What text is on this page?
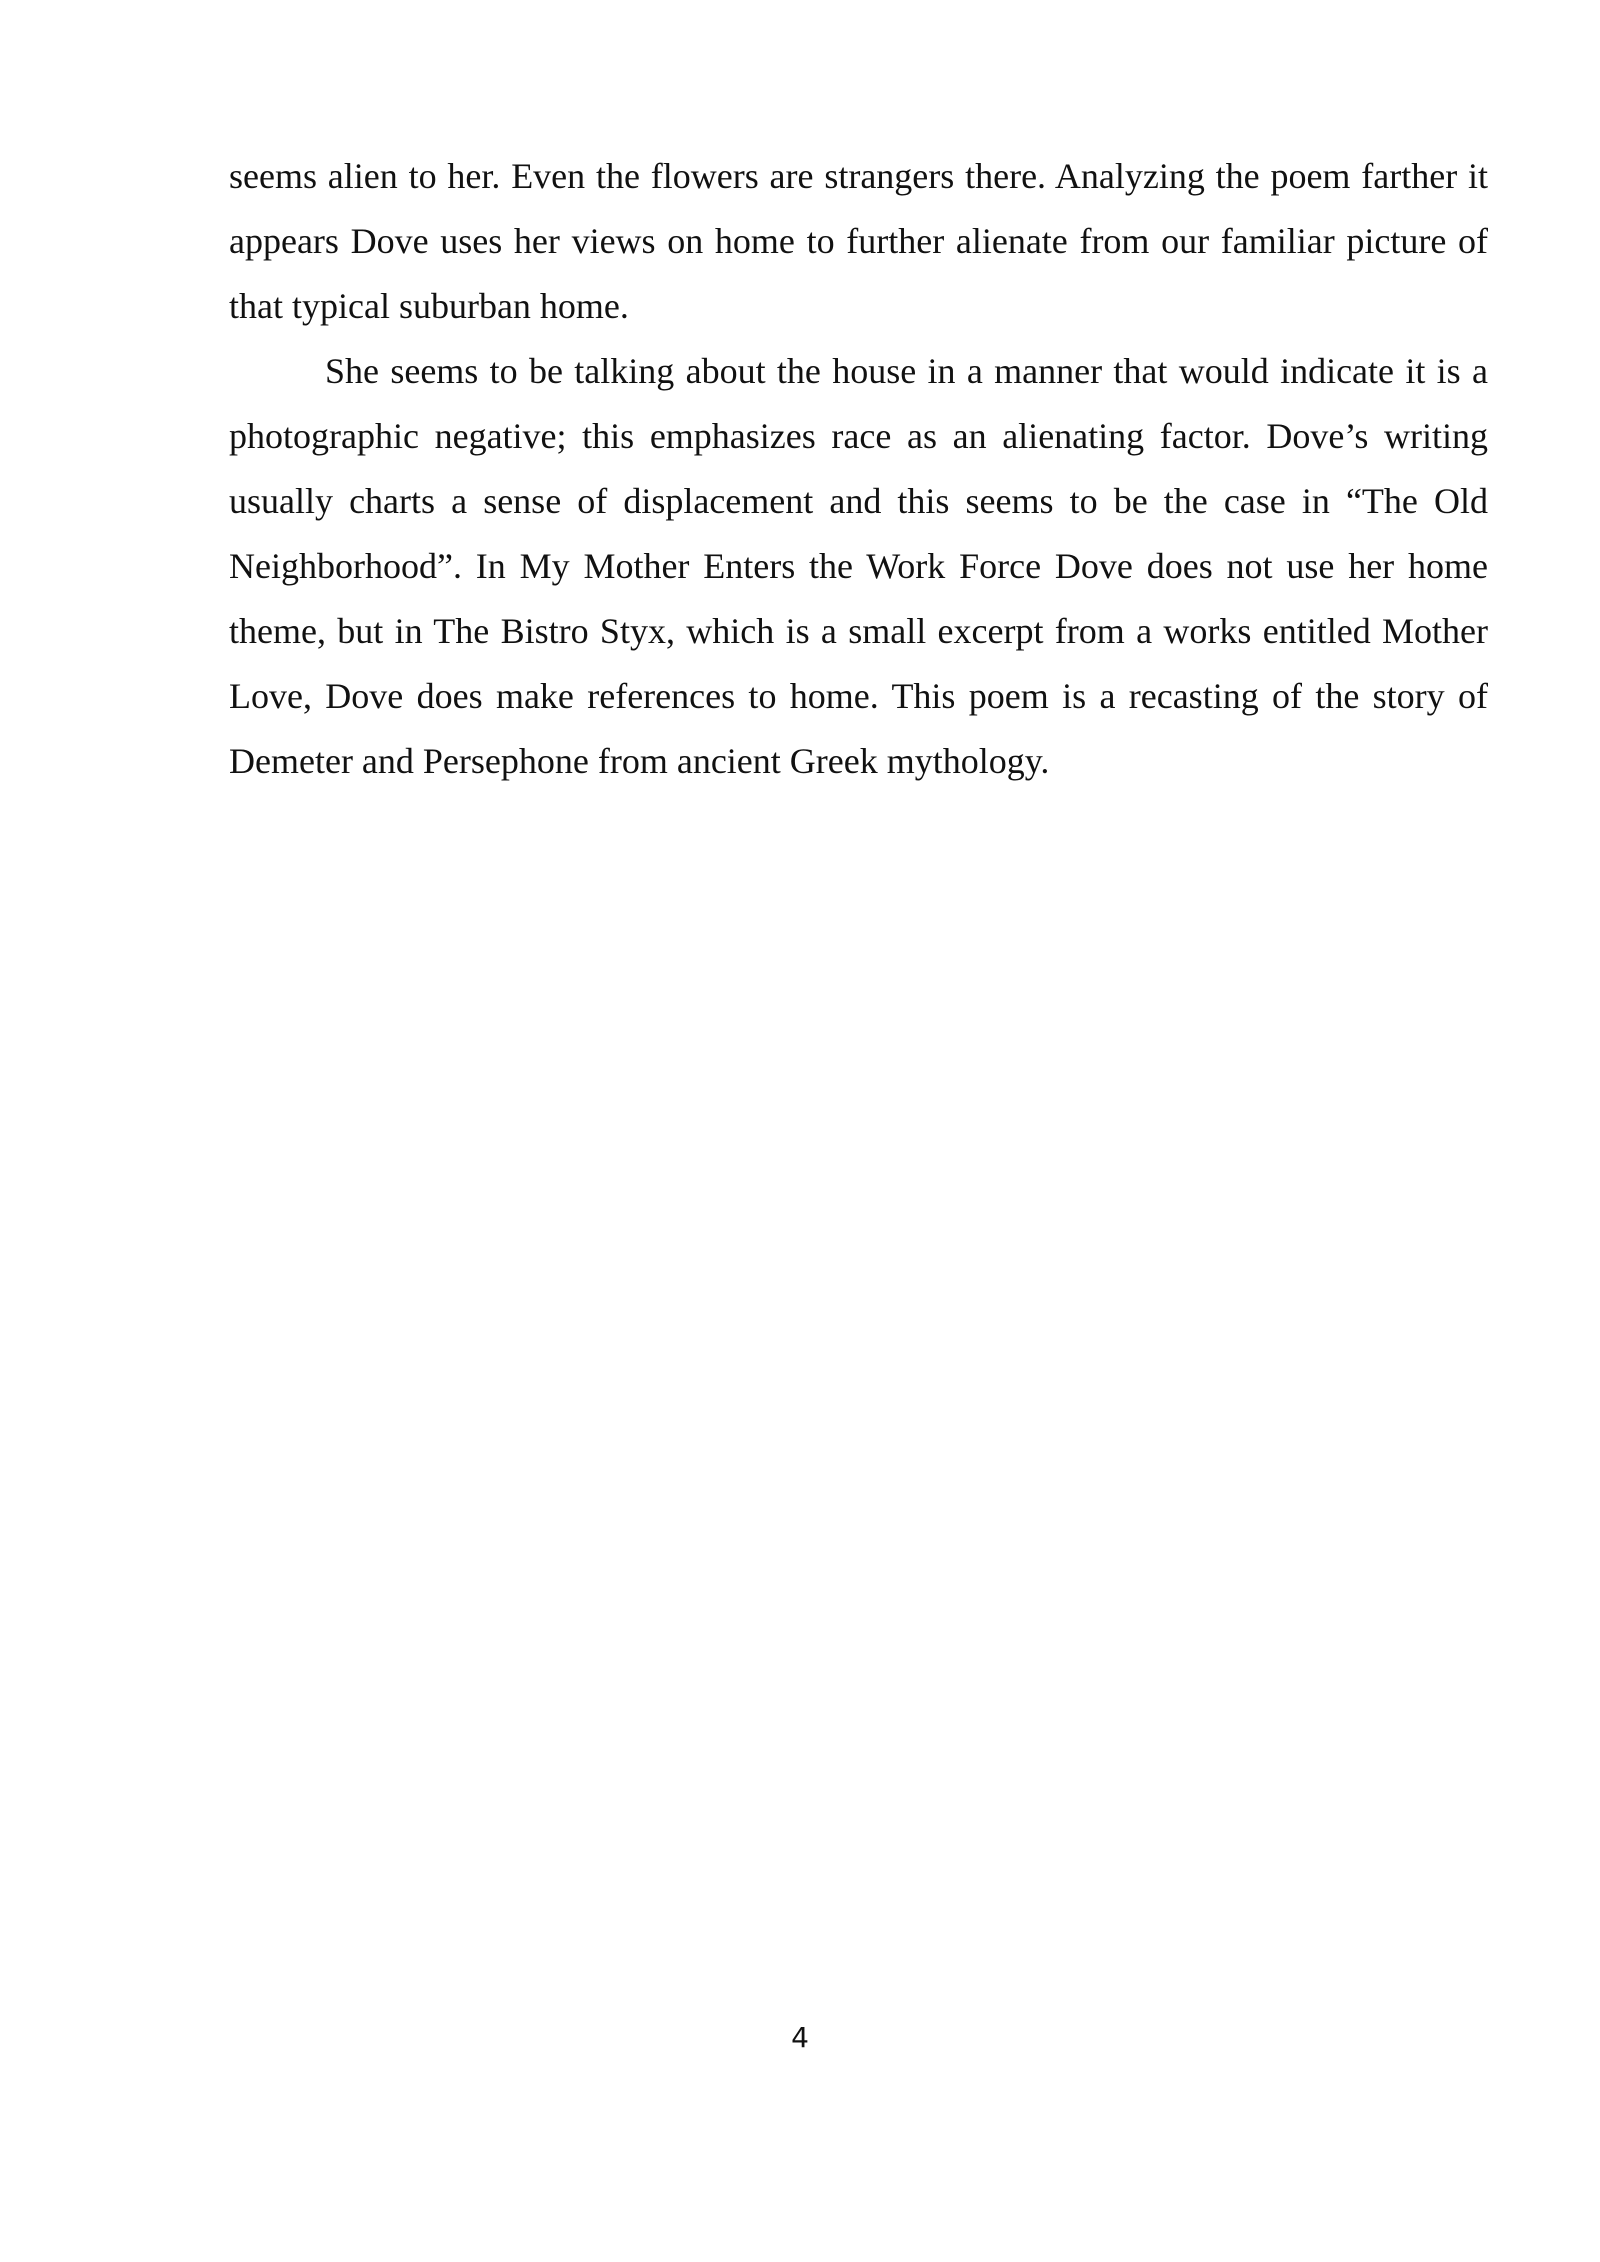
seems alien to her. Even the flowers are strangers there. Analyzing the poem farther it appears Dove uses her views on home to further alienate from our familiar picture of that typical suburban home.

She seems to be talking about the house in a manner that would indicate it is a photographic negative; this emphasizes race as an alienating factor. Dove’s writing usually charts a sense of displacement and this seems to be the case in “The Old Neighborhood”. In My Mother Enters the Work Force Dove does not use her home theme, but in The Bistro Styx, which is a small excerpt from a works entitled Mother Love, Dove does make references to home. This poem is a recasting of the story of Demeter and Persephone from ancient Greek mythology.

4
